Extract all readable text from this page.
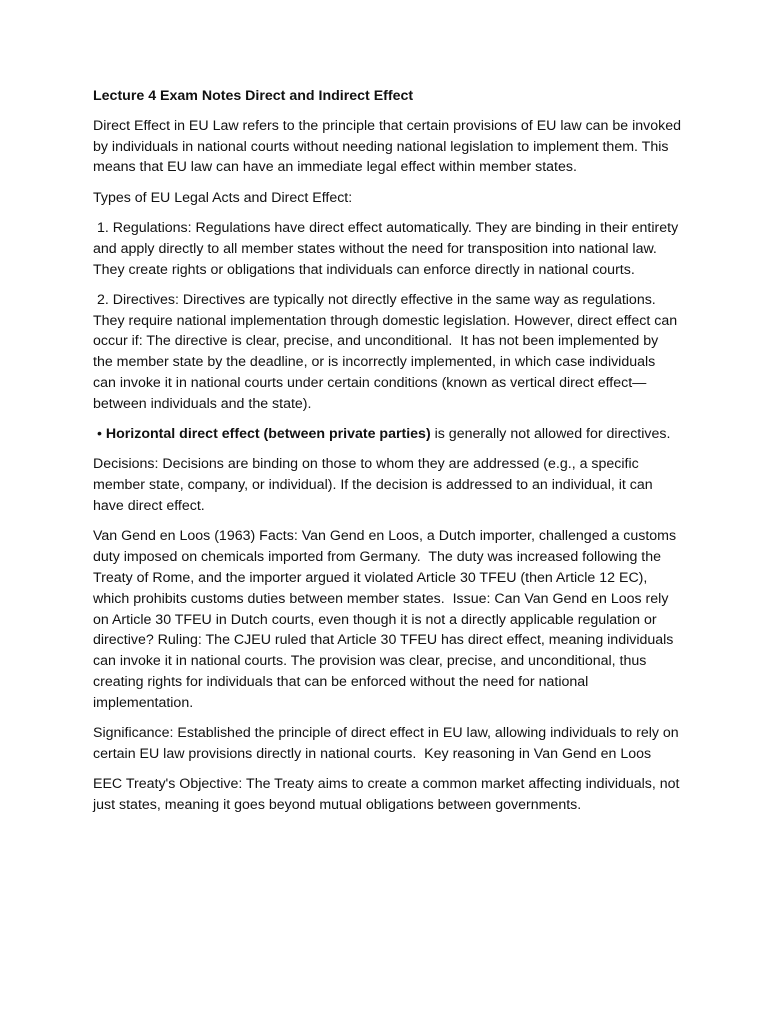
Lecture 4 Exam Notes Direct and Indirect Effect

Direct Effect in EU Law refers to the principle that certain provisions of EU law can be invoked by individuals in national courts without needing national legislation to implement them. This means that EU law can have an immediate legal effect within member states.

Types of EU Legal Acts and Direct Effect:

1. Regulations: Regulations have direct effect automatically. They are binding in their entirety and apply directly to all member states without the need for transposition into national law. They create rights or obligations that individuals can enforce directly in national courts.

2. Directives: Directives are typically not directly effective in the same way as regulations. They require national implementation through domestic legislation. However, direct effect can occur if: The directive is clear, precise, and unconditional.  It has not been implemented by the member state by the deadline, or is incorrectly implemented, in which case individuals can invoke it in national courts under certain conditions (known as vertical direct effect—between individuals and the state).

• Horizontal direct effect (between private parties) is generally not allowed for directives.

Decisions: Decisions are binding on those to whom they are addressed (e.g., a specific member state, company, or individual). If the decision is addressed to an individual, it can have direct effect.

Van Gend en Loos (1963) Facts: Van Gend en Loos, a Dutch importer, challenged a customs duty imposed on chemicals imported from Germany.  The duty was increased following the Treaty of Rome, and the importer argued it violated Article 30 TFEU (then Article 12 EC), which prohibits customs duties between member states.  Issue: Can Van Gend en Loos rely on Article 30 TFEU in Dutch courts, even though it is not a directly applicable regulation or directive? Ruling: The CJEU ruled that Article 30 TFEU has direct effect, meaning individuals can invoke it in national courts. The provision was clear, precise, and unconditional, thus creating rights for individuals that can be enforced without the need for national implementation.

Significance: Established the principle of direct effect in EU law, allowing individuals to rely on certain EU law provisions directly in national courts.  Key reasoning in Van Gend en Loos

EEC Treaty's Objective: The Treaty aims to create a common market affecting individuals, not just states, meaning it goes beyond mutual obligations between governments.
